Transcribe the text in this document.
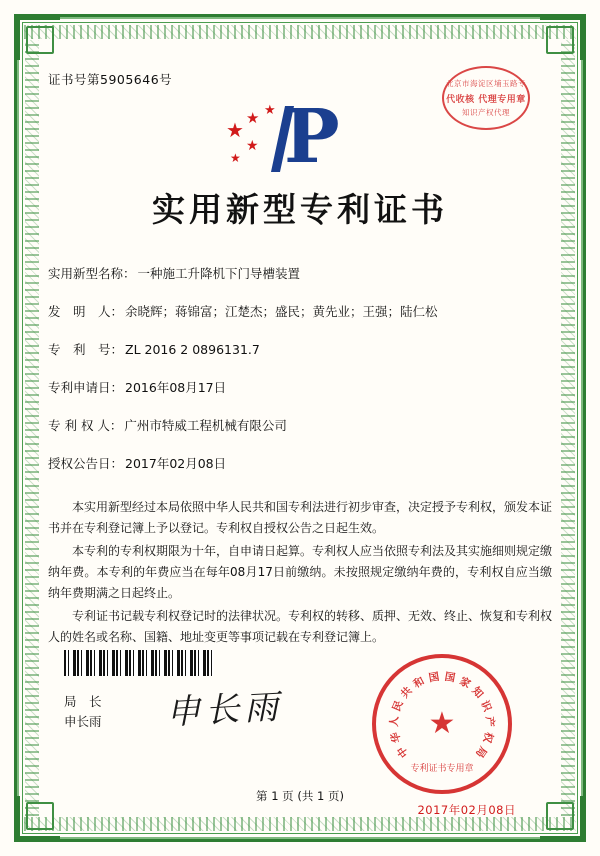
北京市海淀区埔玉路专
代收核 代理专用章
知识产权代理
证书号第5905646号
★ ★ ★
★
★ P
实用新型专利证书
实用新型名称： 一种施工升降机下门导槽装置
发　明　人： 余晓辉；蒋锦富；江楚杰；盛民；黄先业；王强；陆仁松
专　利　号： ZL 2016 2 0896131.7
专利申请日： 2016年08月17日
专 利 权 人： 广州市特威工程机械有限公司
授权公告日： 2017年02月08日

本实用新型经过本局依照中华人民共和国专利法进行初步审查，决定授予专利权，颁发本证书并在专利登记簿上予以登记。专利权自授权公告之日起生效。

本专利的专利权期限为十年，自申请日起算。专利权人应当依照专利法及其实施细则规定缴纳年费。本专利的年费应当在每年08月17日前缴纳。未按照规定缴纳年费的，专利权自应当缴纳年费期满之日起终止。

专利证书记载专利权登记时的法律状况。专利权的转移、质押、无效、终止、恢复和专利权人的姓名或名称、国籍、地址变更等事项记载在专利登记簿上。

局　长
申长雨 申长雨	★
中
华
人
民
共
和 国 国 家
知
识
产
权
局
专利证书专用章
2017年02月08日
第 1 页 (共 1 页)
